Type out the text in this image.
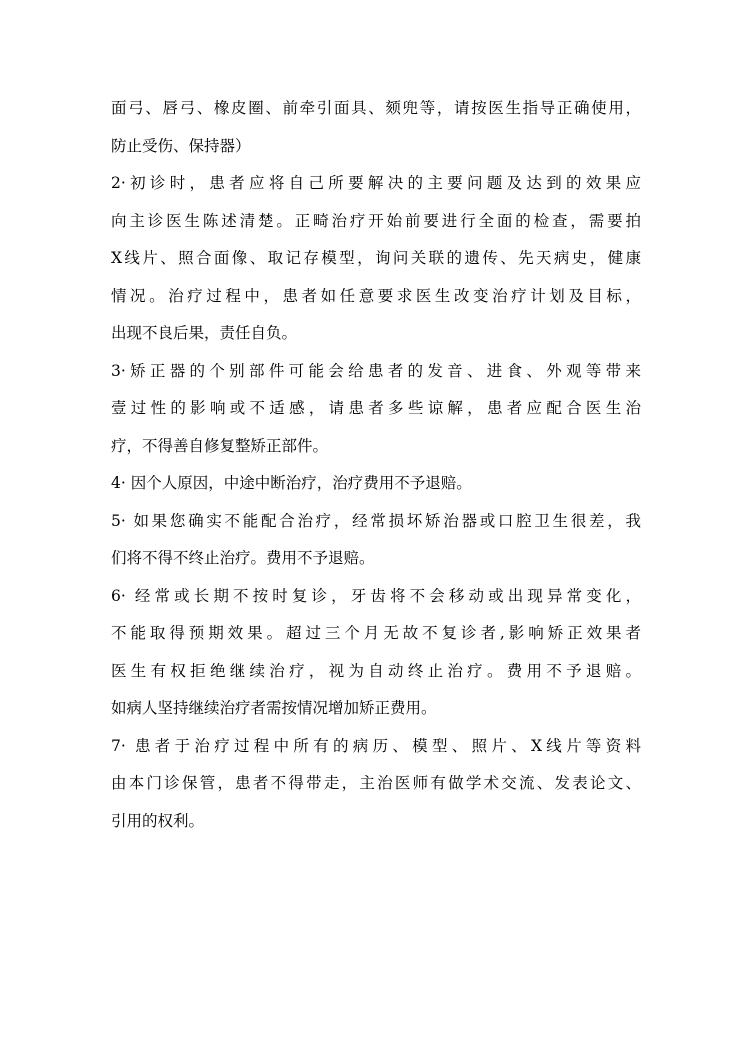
面弓、唇弓、橡皮圈、前牵引面具、颏兜等，请按医生指导正确使用，
防止受伤、保持器）
2·初诊时，患者应将自己所要解决的主要问题及达到的效果应
向主诊医生陈述清楚。正畸治疗开始前要进行全面的检查，需要拍
X线片、照合面像、取记存模型，询问关联的遗传、先天病史，健康
情况。治疗过程中，患者如任意要求医生改变治疗计划及目标，
出现不良后果，责任自负。
3·矫正器的个别部件可能会给患者的发音、进食、外观等带来
壹过性的影响或不适感，请患者多些谅解，患者应配合医生治
疗，不得善自修复整矫正部件。
4· 因个人原因，中途中断治疗，治疗费用不予退赔。
5· 如果您确实不能配合治疗，经常损坏矫治器或口腔卫生很差，我
们将不得不终止治疗。费用不予退赔。
6· 经常或长期不按时复诊，牙齿将不会移动或出现异常变化，
不能取得预期效果。超过三个月无故不复诊者,影响矫正效果者
医生有权拒绝继续治疗，视为自动终止治疗。费用不予退赔。
如病人坚持继续治疗者需按情况增加矫正费用。
7· 患者于治疗过程中所有的病历、模型、照片、X线片等资料
由本门诊保管，患者不得带走，主治医师有做学术交流、发表论文、
引用的权利。
